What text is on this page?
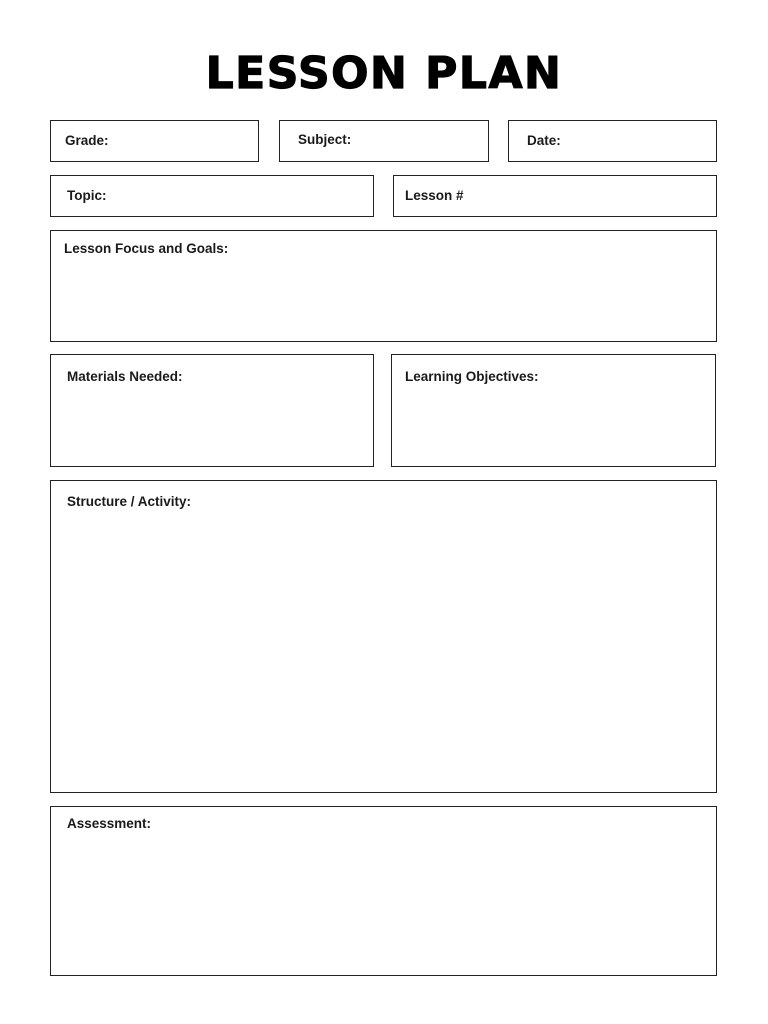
LESSON PLAN
Grade:	Subject:	Date:
Topic:	Lesson #
Lesson Focus and Goals:
Materials Needed:	Learning Objectives:
Structure / Activity:
Assessment:
